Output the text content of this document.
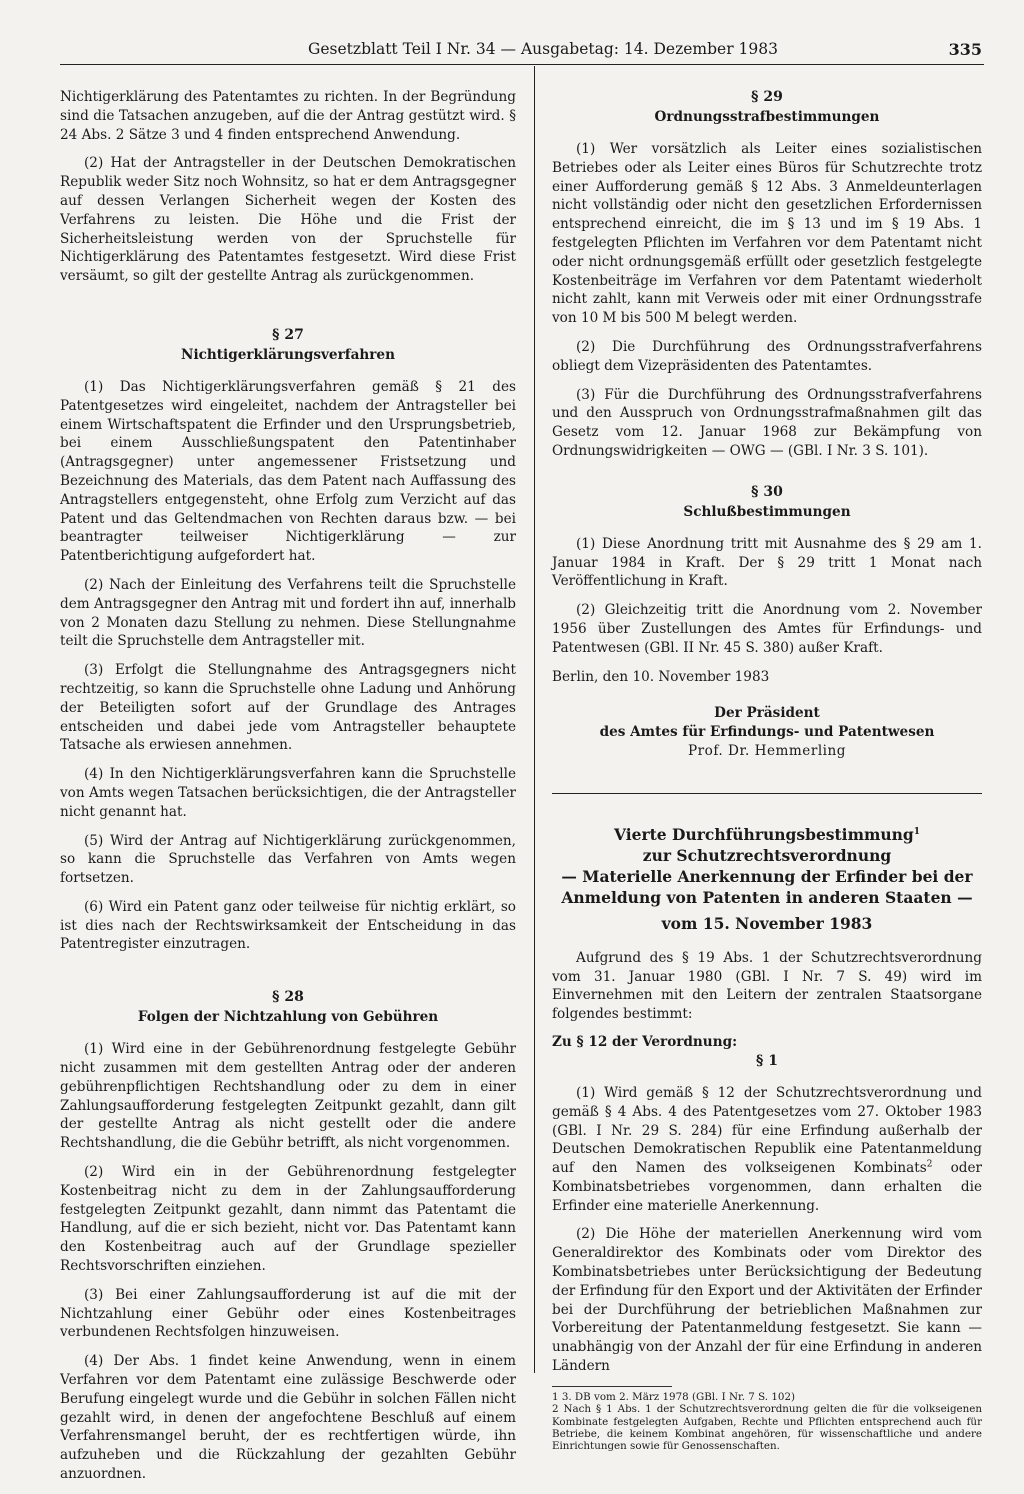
Gesetzblatt Teil I Nr. 34 — Ausgabetag: 14. Dezember 1983	335

Nichtigerklärung des Patentamtes zu richten. In der Begründung sind die Tatsachen anzugeben, auf die der Antrag gestützt wird. § 24 Abs. 2 Sätze 3 und 4 finden entsprechend Anwendung.

(2) Hat der Antragsteller in der Deutschen Demokratischen Republik weder Sitz noch Wohnsitz, so hat er dem Antragsgegner auf dessen Verlangen Sicherheit wegen der Kosten des Verfahrens zu leisten. Die Höhe und die Frist der Sicherheitsleistung werden von der Spruchstelle für Nichtigerklärung des Patentamtes festgesetzt. Wird diese Frist versäumt, so gilt der gestellte Antrag als zurückgenommen.

§ 27
Nichtigerklärungsverfahren

(1) Das Nichtigerklärungsverfahren gemäß § 21 des Patentgesetzes wird eingeleitet, nachdem der Antragsteller bei einem Wirtschaftspatent die Erfinder und den Ursprungsbetrieb, bei einem Ausschließungspatent den Patentinhaber (Antragsgegner) unter angemessener Fristsetzung und Bezeichnung des Materials, das dem Patent nach Auffassung des Antragstellers entgegensteht, ohne Erfolg zum Verzicht auf das Patent und das Geltendmachen von Rechten daraus bzw. — bei beantragter teilweiser Nichtigerklärung — zur Patentberichtigung aufgefordert hat.

(2) Nach der Einleitung des Verfahrens teilt die Spruchstelle dem Antragsgegner den Antrag mit und fordert ihn auf, innerhalb von 2 Monaten dazu Stellung zu nehmen. Diese Stellungnahme teilt die Spruchstelle dem Antragsteller mit.

(3) Erfolgt die Stellungnahme des Antragsgegners nicht rechtzeitig, so kann die Spruchstelle ohne Ladung und Anhörung der Beteiligten sofort auf der Grundlage des Antrages entscheiden und dabei jede vom Antragsteller behauptete Tatsache als erwiesen annehmen.

(4) In den Nichtigerklärungsverfahren kann die Spruchstelle von Amts wegen Tatsachen berücksichtigen, die der Antragsteller nicht genannt hat.

(5) Wird der Antrag auf Nichtigerklärung zurückgenommen, so kann die Spruchstelle das Verfahren von Amts wegen fortsetzen.

(6) Wird ein Patent ganz oder teilweise für nichtig erklärt, so ist dies nach der Rechtswirksamkeit der Entscheidung in das Patentregister einzutragen.

§ 28
Folgen der Nichtzahlung von Gebühren

(1) Wird eine in der Gebührenordnung festgelegte Gebühr nicht zusammen mit dem gestellten Antrag oder der anderen gebührenpflichtigen Rechtshandlung oder zu dem in einer Zahlungsaufforderung festgelegten Zeitpunkt gezahlt, dann gilt der gestellte Antrag als nicht gestellt oder die andere Rechtshandlung, die die Gebühr betrifft, als nicht vorgenommen.

(2) Wird ein in der Gebührenordnung festgelegter Kostenbeitrag nicht zu dem in der Zahlungsaufforderung festgelegten Zeitpunkt gezahlt, dann nimmt das Patentamt die Handlung, auf die er sich bezieht, nicht vor. Das Patentamt kann den Kostenbeitrag auch auf der Grundlage spezieller Rechtsvorschriften einziehen.

(3) Bei einer Zahlungsaufforderung ist auf die mit der Nichtzahlung einer Gebühr oder eines Kostenbeitrages verbundenen Rechtsfolgen hinzuweisen.

(4) Der Abs. 1 findet keine Anwendung, wenn in einem Verfahren vor dem Patentamt eine zulässige Beschwerde oder Berufung eingelegt wurde und die Gebühr in solchen Fällen nicht gezahlt wird, in denen der angefochtene Beschluß auf einem Verfahrensmangel beruht, der es rechtfertigen würde, ihn aufzuheben und die Rückzahlung der gezahlten Gebühr anzuordnen.

§ 29
Ordnungsstrafbestimmungen

(1) Wer vorsätzlich als Leiter eines sozialistischen Betriebes oder als Leiter eines Büros für Schutzrechte trotz einer Aufforderung gemäß § 12 Abs. 3 Anmeldeunterlagen nicht vollständig oder nicht den gesetzlichen Erfordernissen entsprechend einreicht, die im § 13 und im § 19 Abs. 1 festgelegten Pflichten im Verfahren vor dem Patentamt nicht oder nicht ordnungsgemäß erfüllt oder gesetzlich festgelegte Kostenbeiträge im Verfahren vor dem Patentamt wiederholt nicht zahlt, kann mit Verweis oder mit einer Ordnungsstrafe von 10 M bis 500 M belegt werden.

(2) Die Durchführung des Ordnungsstrafverfahrens obliegt dem Vizepräsidenten des Patentamtes.

(3) Für die Durchführung des Ordnungsstrafverfahrens und den Ausspruch von Ordnungsstrafmaßnahmen gilt das Gesetz vom 12. Januar 1968 zur Bekämpfung von Ordnungswidrigkeiten — OWG — (GBl. I Nr. 3 S. 101).

§ 30
Schlußbestimmungen

(1) Diese Anordnung tritt mit Ausnahme des § 29 am 1. Januar 1984 in Kraft. Der § 29 tritt 1 Monat nach Veröffentlichung in Kraft.

(2) Gleichzeitig tritt die Anordnung vom 2. November 1956 über Zustellungen des Amtes für Erfindungs- und Patentwesen (GBl. II Nr. 45 S. 380) außer Kraft.

Berlin, den 10. November 1983

Der Präsident
des Amtes für Erfindungs- und Patentwesen
Prof. Dr. Hemmerling
Vierte Durchführungsbestimmung$^1$
zur Schutzrechtsverordnung
— Materielle Anerkennung der Erfinder bei der
Anmeldung von Patenten in anderen Staaten —
vom 15. November 1983

Aufgrund des § 19 Abs. 1 der Schutzrechtsverordnung vom 31. Januar 1980 (GBl. I Nr. 7 S. 49) wird im Einvernehmen mit den Leitern der zentralen Staatsorgane folgendes bestimmt:

Zu § 12 der Verordnung:
§ 1

(1) Wird gemäß § 12 der Schutzrechtsverordnung und gemäß § 4 Abs. 4 des Patentgesetzes vom 27. Oktober 1983 (GBl. I Nr. 29 S. 284) für eine Erfindung außerhalb der Deutschen Demokratischen Republik eine Patentanmeldung auf den Namen des volkseigenen Kombinats$^2$ oder Kombinatsbetriebes vorgenommen, dann erhalten die Erfinder eine materielle Anerkennung.

(2) Die Höhe der materiellen Anerkennung wird vom Generaldirektor des Kombinats oder vom Direktor des Kombinatsbetriebes unter Berücksichtigung der Bedeutung der Erfindung für den Export und der Aktivitäten der Erfinder bei der Durchführung der betrieblichen Maßnahmen zur Vorbereitung der Patentanmeldung festgesetzt. Sie kann — unabhängig von der Anzahl der für eine Erfindung in anderen Ländern

1 3. DB vom 2. März 1978 (GBl. I Nr. 7 S. 102)

2 Nach § 1 Abs. 1 der Schutzrechtsverordnung gelten die für die volkseigenen Kombinate festgelegten Aufgaben, Rechte und Pflichten entsprechend auch für Betriebe, die keinem Kombinat angehören, für wissenschaftliche und andere Einrichtungen sowie für Genossenschaften.
